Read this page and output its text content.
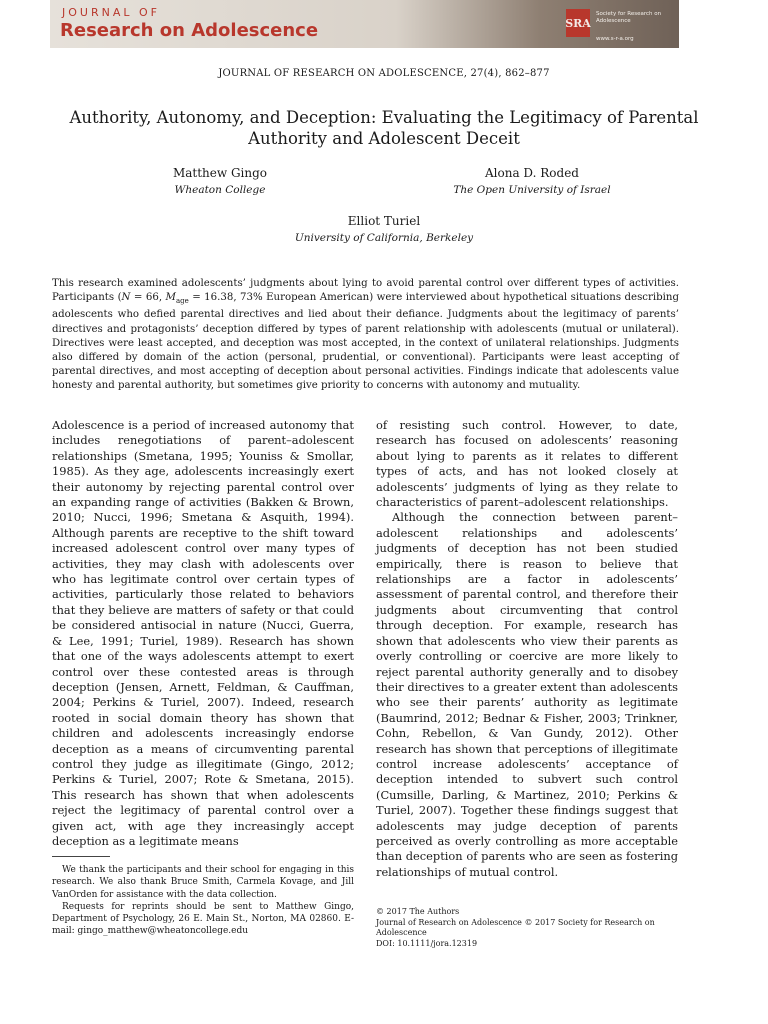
JOURNAL OF
Research on Adolescence	SRA
Society for Research on Adolescence
www.s-r-a.org
JOURNAL OF RESEARCH ON ADOLESCENCE, 27(4), 862–877
Authority, Autonomy, and Deception: Evaluating the Legitimacy of Parental Authority and Adolescent Deceit
Matthew Gingo
Wheaton College
Alona D. Roded
The Open University of Israel
Elliot Turiel
University of California, Berkeley
This research examined adolescents’ judgments about lying to avoid parental control over different types of activities. Participants (N = 66, $M_{age} = 16.38$, 73% European American) were interviewed about hypothetical situations describing adolescents who defied parental directives and lied about their defiance. Judgments about the legitimacy of parents’ directives and protagonists’ deception differed by types of parent relationship with adolescents (mutual or unilateral). Directives were least accepted, and deception was most accepted, in the context of unilateral relationships. Judgments also differed by domain of the action (personal, prudential, or conventional). Participants were least accepting of parental directives, and most accepting of deception about personal activities. Findings indicate that adolescents value honesty and parental authority, but sometimes give priority to concerns with autonomy and mutuality.

Adolescence is a period of increased autonomy that includes renegotiations of parent–adolescent relationships (Smetana, 1995; Youniss & Smollar, 1985). As they age, adolescents increasingly exert their autonomy by rejecting parental control over an expanding range of activities (Bakken & Brown, 2010; Nucci, 1996; Smetana & Asquith, 1994). Although parents are receptive to the shift toward increased adolescent control over many types of activities, they may clash with adolescents over who has legitimate control over certain types of activities, particularly those related to behaviors that they believe are matters of safety or that could be considered antisocial in nature (Nucci, Guerra, & Lee, 1991; Turiel, 1989). Research has shown that one of the ways adolescents attempt to exert control over these contested areas is through deception (Jensen, Arnett, Feldman, & Cauffman, 2004; Perkins & Turiel, 2007). Indeed, research rooted in social domain theory has shown that children and adolescents increasingly endorse deception as a means of circumventing parental control they judge as illegitimate (Gingo, 2012; Perkins & Turiel, 2007; Rote & Smetana, 2015). This research has shown that when adolescents reject the legitimacy of parental control over a given act, with age they increasingly accept deception as a legitimate means

of resisting such control. However, to date, research has focused on adolescents’ reasoning about lying to parents as it relates to different types of acts, and has not looked closely at adolescents’ judgments of lying as they relate to characteristics of parent–adolescent relationships.

Although the connection between parent–adolescent relationships and adolescents’ judgments of deception has not been studied empirically, there is reason to believe that relationships are a factor in adolescents’ assessment of parental control, and therefore their judgments about circumventing that control through deception. For example, research has shown that adolescents who view their parents as overly controlling or coercive are more likely to reject parental authority generally and to disobey their directives to a greater extent than adolescents who see their parents’ authority as legitimate (Baumrind, 2012; Bednar & Fisher, 2003; Trinkner, Cohn, Rebellon, & Van Gundy, 2012). Other research has shown that perceptions of illegitimate control increase adolescents’ acceptance of deception intended to subvert such control (Cumsille, Darling, & Martinez, 2010; Perkins & Turiel, 2007). Together these findings suggest that adolescents may judge deception of parents perceived as overly controlling as more acceptable than deception of parents who are seen as fostering relationships of mutual control.

We thank the participants and their school for engaging in this research. We also thank Bruce Smith, Carmela Kovage, and Jill VanOrden for assistance with the data collection.

Requests for reprints should be sent to Matthew Gingo, Department of Psychology, 26 E. Main St., Norton, MA 02860. E-mail: gingo_matthew@wheatoncollege.edu

© 2017 The Authors
Journal of Research on Adolescence © 2017 Society for Research on Adolescence
DOI: 10.1111/jora.12319
